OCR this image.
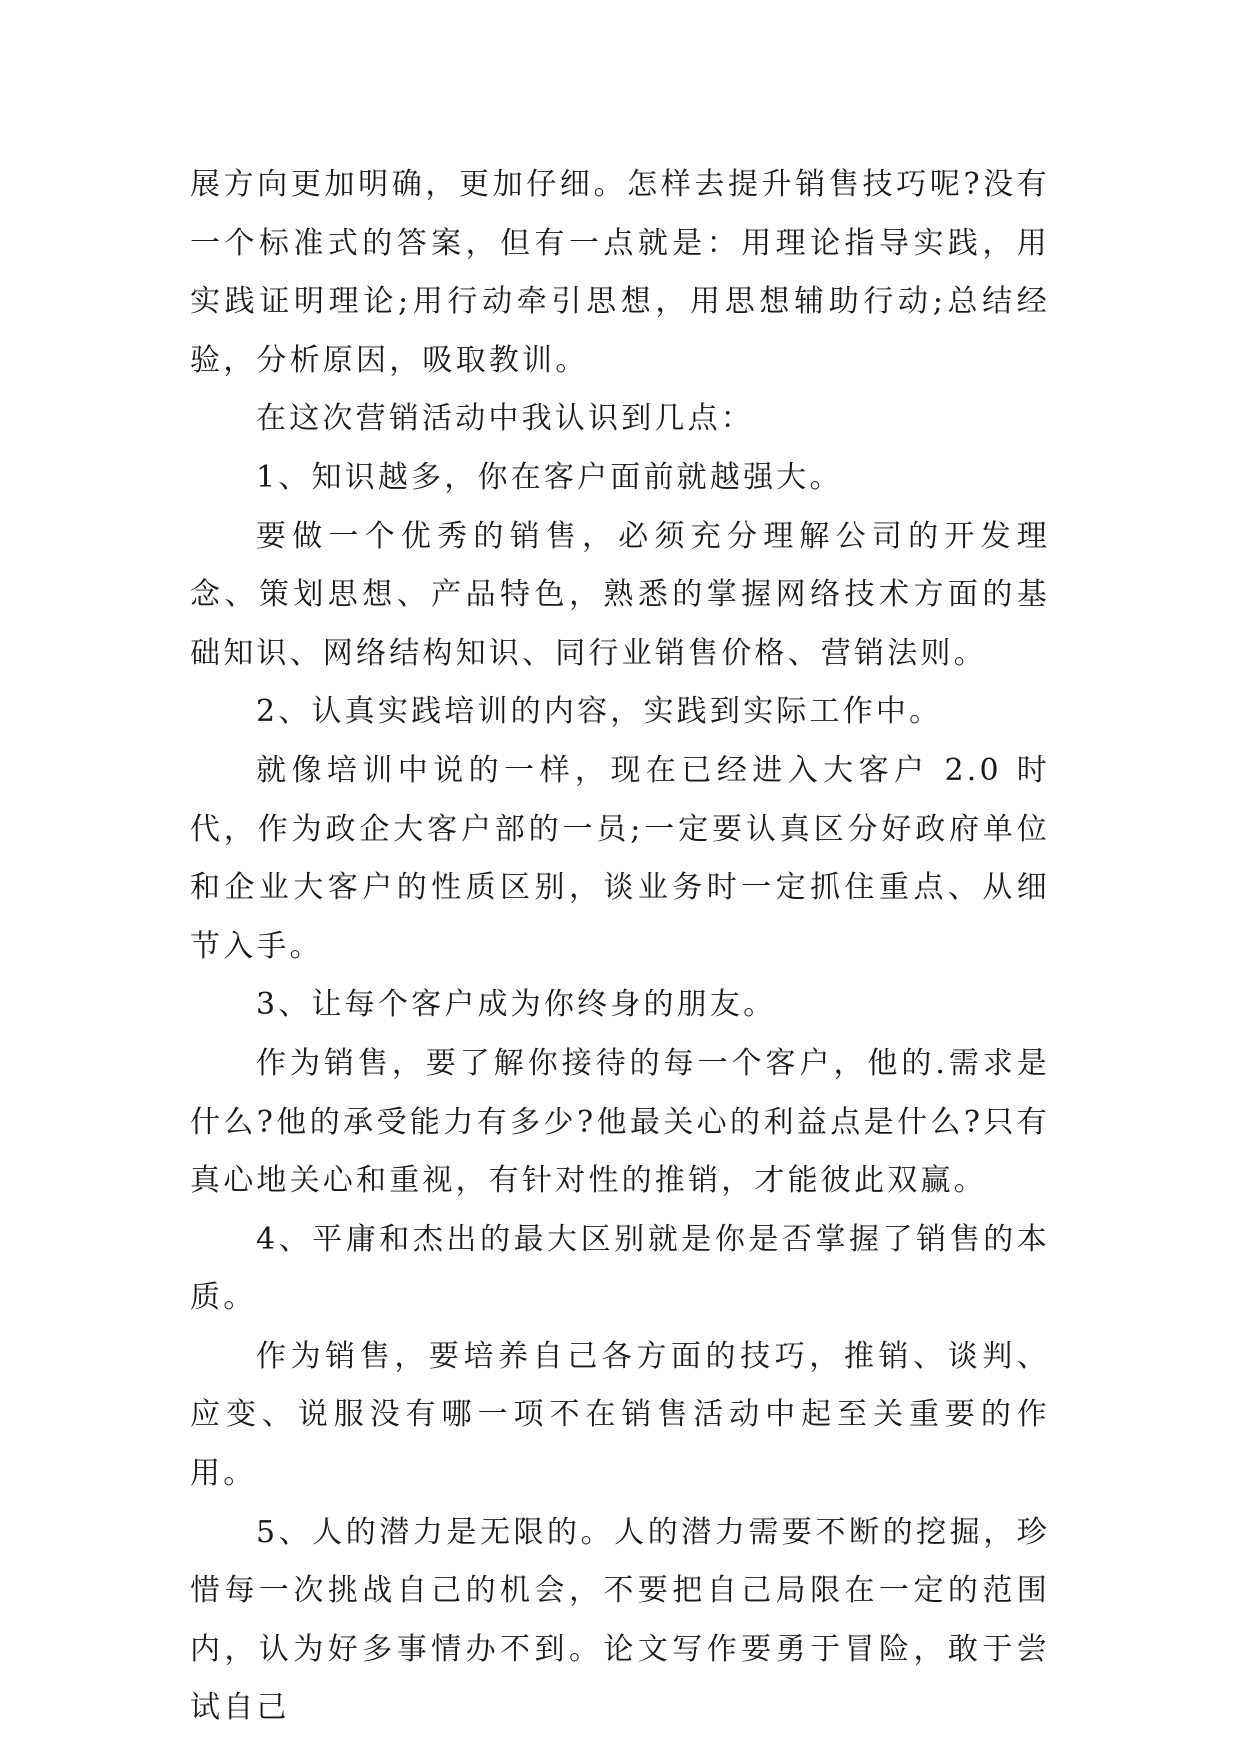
展方向更加明确，更加仔细。怎样去提升销售技巧呢?没有一个标准式的答案，但有一点就是：用理论指导实践，用实践证明理论;用行动牵引思想，用思想辅助行动;总结经验，分析原因，吸取教训。

在这次营销活动中我认识到几点：

1、知识越多，你在客户面前就越强大。

要做一个优秀的销售，必须充分理解公司的开发理念、策划思想、产品特色，熟悉的掌握网络技术方面的基础知识、网络结构知识、同行业销售价格、营销法则。

2、认真实践培训的内容，实践到实际工作中。

就像培训中说的一样，现在已经进入大客户 2.0 时代，作为政企大客户部的一员;一定要认真区分好政府单位和企业大客户的性质区别，谈业务时一定抓住重点、从细节入手。

3、让每个客户成为你终身的朋友。

作为销售，要了解你接待的每一个客户，他的.需求是什么?他的承受能力有多少?他最关心的利益点是什么?只有真心地关心和重视，有针对性的推销，才能彼此双赢。

4、平庸和杰出的最大区别就是你是否掌握了销售的本质。

作为销售，要培养自己各方面的技巧，推销、谈判、应变、说服没有哪一项不在销售活动中起至关重要的作用。

5、人的潜力是无限的。人的潜力需要不断的挖掘，珍惜每一次挑战自己的机会，不要把自己局限在一定的范围内，认为好多事情办不到。论文写作要勇于冒险，敢于尝试自己
